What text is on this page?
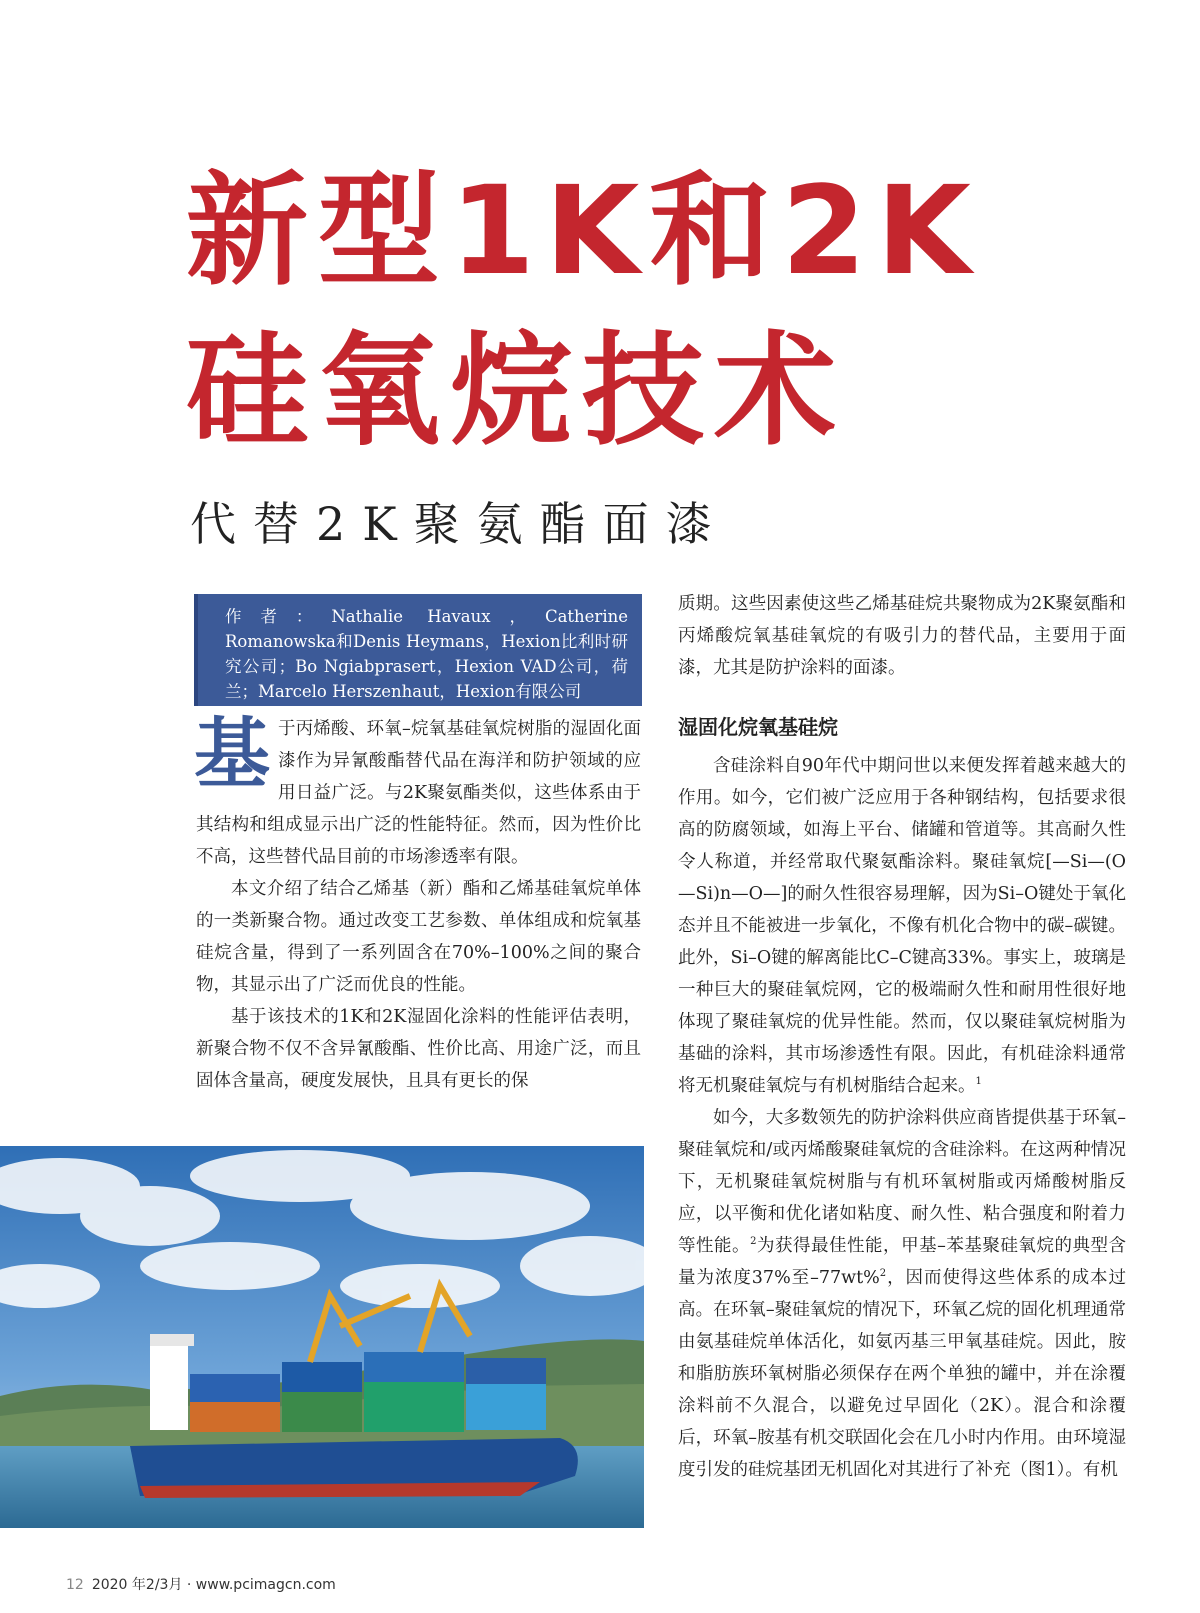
新型1K和2K
硅氧烷技术
代替2K聚氨酯面漆
作者：Nathalie Havaux，Catherine Romanowska和Denis Heymans，Hexion比利时研究公司；Bo Ngiabprasert，Hexion VAD公司，荷兰；Marcelo Herszenhaut，Hexion有限公司

基于丙烯酸、环氧–烷氧基硅氧烷树脂的湿固化面漆作为异氰酸酯替代品在海洋和防护领域的应用日益广泛。与2K聚氨酯类似，这些体系由于其结构和组成显示出广泛的性能特征。然而，因为性价比不高，这些替代品目前的市场渗透率有限。

本文介绍了结合乙烯基（新）酯和乙烯基硅氧烷单体的一类新聚合物。通过改变工艺参数、单体组成和烷氧基硅烷含量，得到了一系列固含在70%–100%之间的聚合物，其显示出了广泛而优良的性能。

基于该技术的1K和2K湿固化涂料的性能评估表明，新聚合物不仅不含异氰酸酯、性价比高、用途广泛，而且固体含量高，硬度发展快，且具有更长的保

质期。这些因素使这些乙烯基硅烷共聚物成为2K聚氨酯和丙烯酸烷氧基硅氧烷的有吸引力的替代品，主要用于面漆，尤其是防护涂料的面漆。

湿固化烷氧基硅烷

含硅涂料自90年代中期问世以来便发挥着越来越大的作用。如今，它们被广泛应用于各种钢结构，包括要求很高的防腐领域，如海上平台、储罐和管道等。其高耐久性令人称道，并经常取代聚氨酯涂料。聚硅氧烷[—Si—(O—Si)n—O—]的耐久性很容易理解，因为Si–O键处于氧化态并且不能被进一步氧化，不像有机化合物中的碳–碳键。此外，Si–O键的解离能比C–C键高33%。事实上，玻璃是一种巨大的聚硅氧烷网，它的极端耐久性和耐用性很好地体现了聚硅氧烷的优异性能。然而，仅以聚硅氧烷树脂为基础的涂料，其市场渗透性有限。因此，有机硅涂料通常将无机聚硅氧烷与有机树脂结合起来。$^1$

如今，大多数领先的防护涂料供应商皆提供基于环氧–聚硅氧烷和/或丙烯酸聚硅氧烷的含硅涂料。在这两种情况下，无机聚硅氧烷树脂与有机环氧树脂或丙烯酸树脂反应，以平衡和优化诸如粘度、耐久性、粘合强度和附着力等性能。$^2$为获得最佳性能，甲基–苯基聚硅氧烷的典型含量为浓度37%至–77wt%$^2$，因而使得这些体系的成本过高。在环氧–聚硅氧烷的情况下，环氧乙烷的固化机理通常由氨基硅烷单体活化，如氨丙基三甲氧基硅烷。因此，胺和脂肪族环氧树脂必须保存在两个单独的罐中，并在涂覆涂料前不久混合，以避免过早固化（2K）。混合和涂覆后，环氧–胺基有机交联固化会在几小时内作用。由环境湿度引发的硅烷基团无机固化对其进行了补充（图1）。有机

12 2020 年2/3月 · www.pcimagcn.com
